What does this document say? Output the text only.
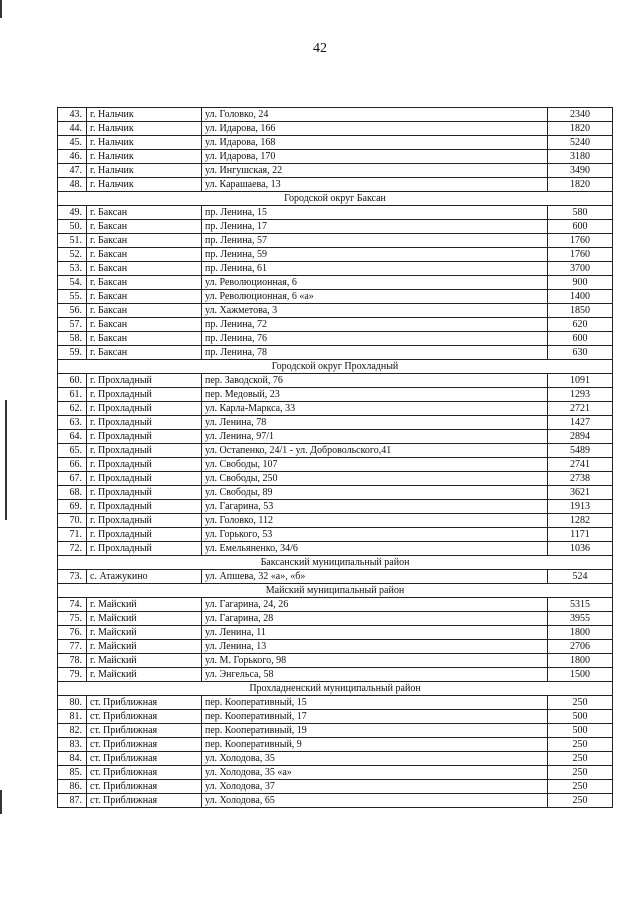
42
43.	г. Нальчик	ул. Головко, 24	2340
44.	г. Нальчик	ул. Идарова, 166	1820
45.	г. Нальчик	ул. Идарова, 168	5240
46.	г. Нальчик	ул. Идарова, 170	3180
47.	г. Нальчик	ул. Ингушская, 22	3490
48.	г. Нальчик	ул. Карашаева, 13	1820
Городской округ Баксан			
49.	г. Баксан	пр. Ленина, 15	580
50.	г. Баксан	пр. Ленина, 17	600
51.	г. Баксан	пр. Ленина, 57	1760
52.	г. Баксан	пр. Ленина, 59	1760
53.	г. Баксан	пр. Ленина, 61	3700
54.	г. Баксан	ул. Революционная, 6	900
55.	г. Баксан	ул. Революционная, 6 «а»	1400
56.	г. Баксан	ул. Хажметова, 3	1850
57.	г. Баксан	пр. Ленина, 72	620
58.	г. Баксан	пр. Ленина, 76	600
59.	г. Баксан	пр. Ленина, 78	630
Городской округ Прохладный			
60.	г. Прохладный	пер. Заводской, 76	1091
61.	г. Прохладный	пер. Медовый, 23	1293
62.	г. Прохладный	ул. Карла-Маркса, 33	2721
63.	г. Прохладный	ул. Ленина, 78	1427
64.	г. Прохладный	ул. Ленина, 97/1	2894
65.	г. Прохладный	ул. Остапенко, 24/1 - ул. Добровольского,41	5489
66.	г. Прохладный	ул. Свободы, 107	2741
67.	г. Прохладный	ул. Свободы, 250	2738
68.	г. Прохладный	ул. Свободы, 89	3621
69.	г. Прохладный	ул. Гагарина, 53	1913
70.	г. Прохладный	ул. Головко, 112	1282
71.	г. Прохладный	ул. Горького, 53	1171
72.	г. Прохладный	ул. Емельяненко, 34/6	1036
Баксанский муниципальный район			
73.	с. Атажукино	ул. Апшева, 32 «а», «б»	524
Майский муниципальный район			
74.	г. Майский	ул. Гагарина, 24, 26	5315
75.	г. Майский	ул. Гагарина, 28	3955
76.	г. Майский	ул. Ленина, 11	1800
77.	г. Майский	ул. Ленина, 13	2706
78.	г. Майский	ул. М. Горького, 98	1800
79.	г. Майский	ул. Энгельса, 58	1500
Прохладненский муниципальный район			
80.	ст. Приближная	пер. Кооперативный, 15	250
81.	ст. Приближная	пер. Кооперативный, 17	500
82.	ст. Приближная	пер. Кооперативный, 19	500
83.	ст. Приближная	пер. Кооперативный, 9	250
84.	ст. Приближная	ул. Холодова, 35	250
85.	ст. Приближная	ул. Холодова, 35 «а»	250
86.	ст. Приближная	ул. Холодова, 37	250
87.	ст. Приближная	ул. Холодова, 65	250
